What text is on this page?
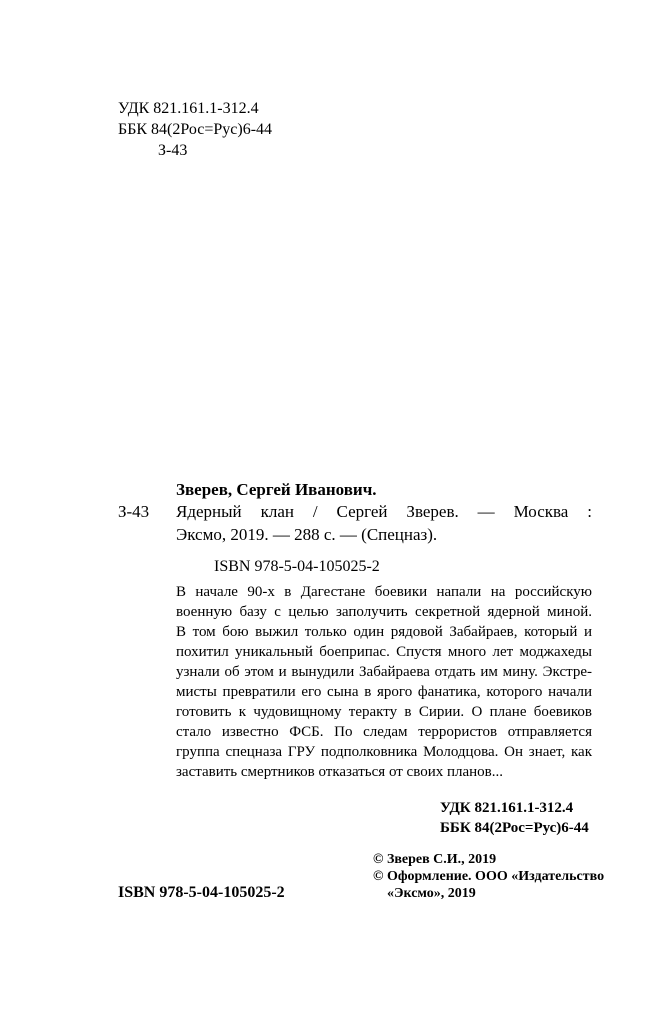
УДК 821.161.1-312.4
ББК 84(2Рос=Рус)6-44
З-43
Зверев, Сергей Иванович.
З-43 Ядерный клан / Сергей Зверев. — Москва :
Эксмо, 2019. — 288 с. — (Спецназ).
ISBN 978-5-04-105025-2
В начале 90-х в Дагестане боевики напали на российскую
военную базу с целью заполучить секретной ядерной миной.
В том бою выжил только один рядовой Забайраев, который и
похитил уникальный боеприпас. Спустя много лет моджахеды
узнали об этом и вынудили Забайраева отдать им мину. Экстре-
мисты превратили его сына в ярого фанатика, которого начали
готовить к чудовищному теракту в Сирии. О плане боевиков
стало известно ФСБ. По следам террористов отправляется
группа спецназа ГРУ подполковника Молодцова. Он знает, как
заставить смертников отказаться от своих планов...
УДК 821.161.1-312.4
ББК 84(2Рос=Рус)6-44
© Зверев С.И., 2019
© Оформление. ООО «Издательство
«Эксмо», 2019
ISBN 978-5-04-105025-2
